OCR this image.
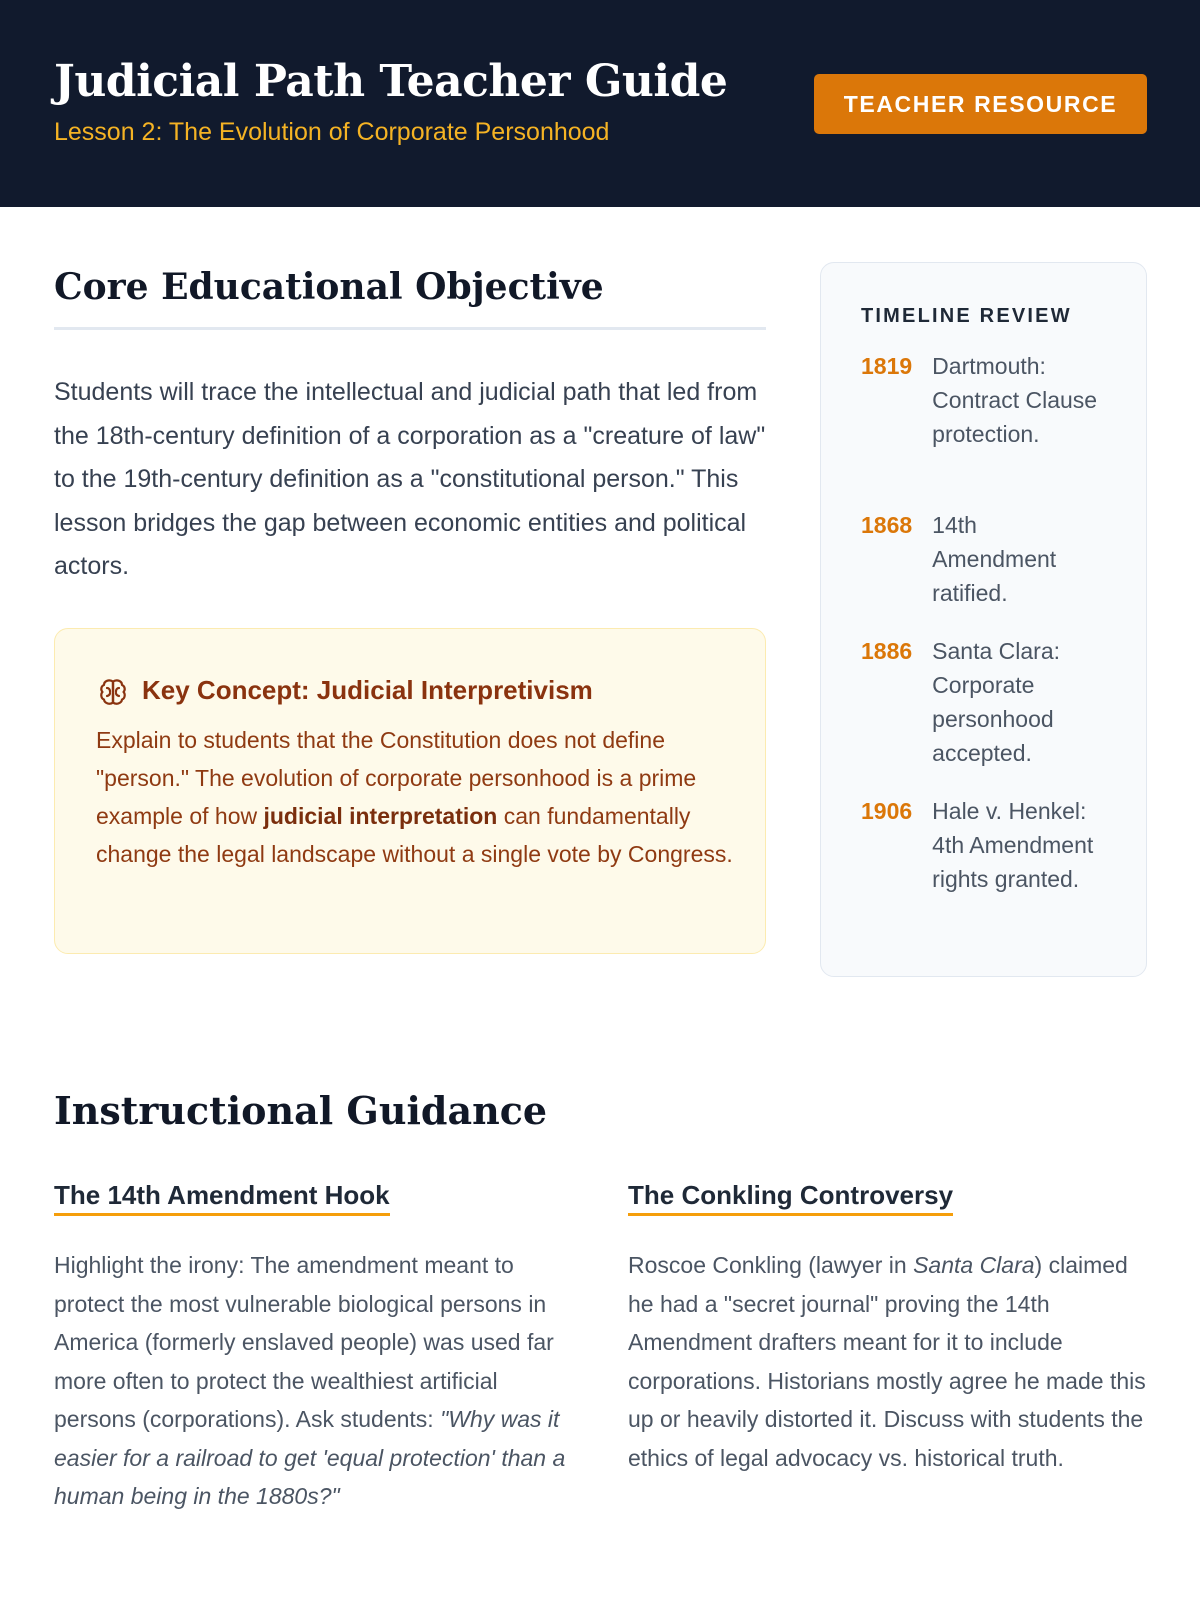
Judicial Path Teacher Guide
Lesson 2: The Evolution of Corporate Personhood
TEACHER RESOURCE
Core Educational Objective

Students will trace the intellectual and judicial path that led from the 18th-century definition of a corporation as a "creature of law" to the 19th-century definition as a "constitutional person." This lesson bridges the gap between economic entities and political actors.

Key Concept: Judicial Interpretivism

Explain to students that the Constitution does not define "person." The evolution of corporate personhood is a prime example of how judicial interpretation can fundamentally change the legal landscape without a single vote by Congress.

TIMELINE REVIEW
1819 Dartmouth: Contract Clause protection.
1868 14th Amendment ratified.
1886 Santa Clara: Corporate personhood accepted.
1906 Hale v. Henkel: 4th Amendment rights granted.
Instructional Guidance
The 14th Amendment Hook

Highlight the irony: The amendment meant to protect the most vulnerable biological persons in America (formerly enslaved people) was used far more often to protect the wealthiest artificial persons (corporations). Ask students: "Why was it easier for a railroad to get 'equal protection' than a human being in the 1880s?"

The Conkling Controversy

Roscoe Conkling (lawyer in Santa Clara) claimed he had a "secret journal" proving the 14th Amendment drafters meant for it to include corporations. Historians mostly agree he made this up or heavily distorted it. Discuss with students the ethics of legal advocacy vs. historical truth.
